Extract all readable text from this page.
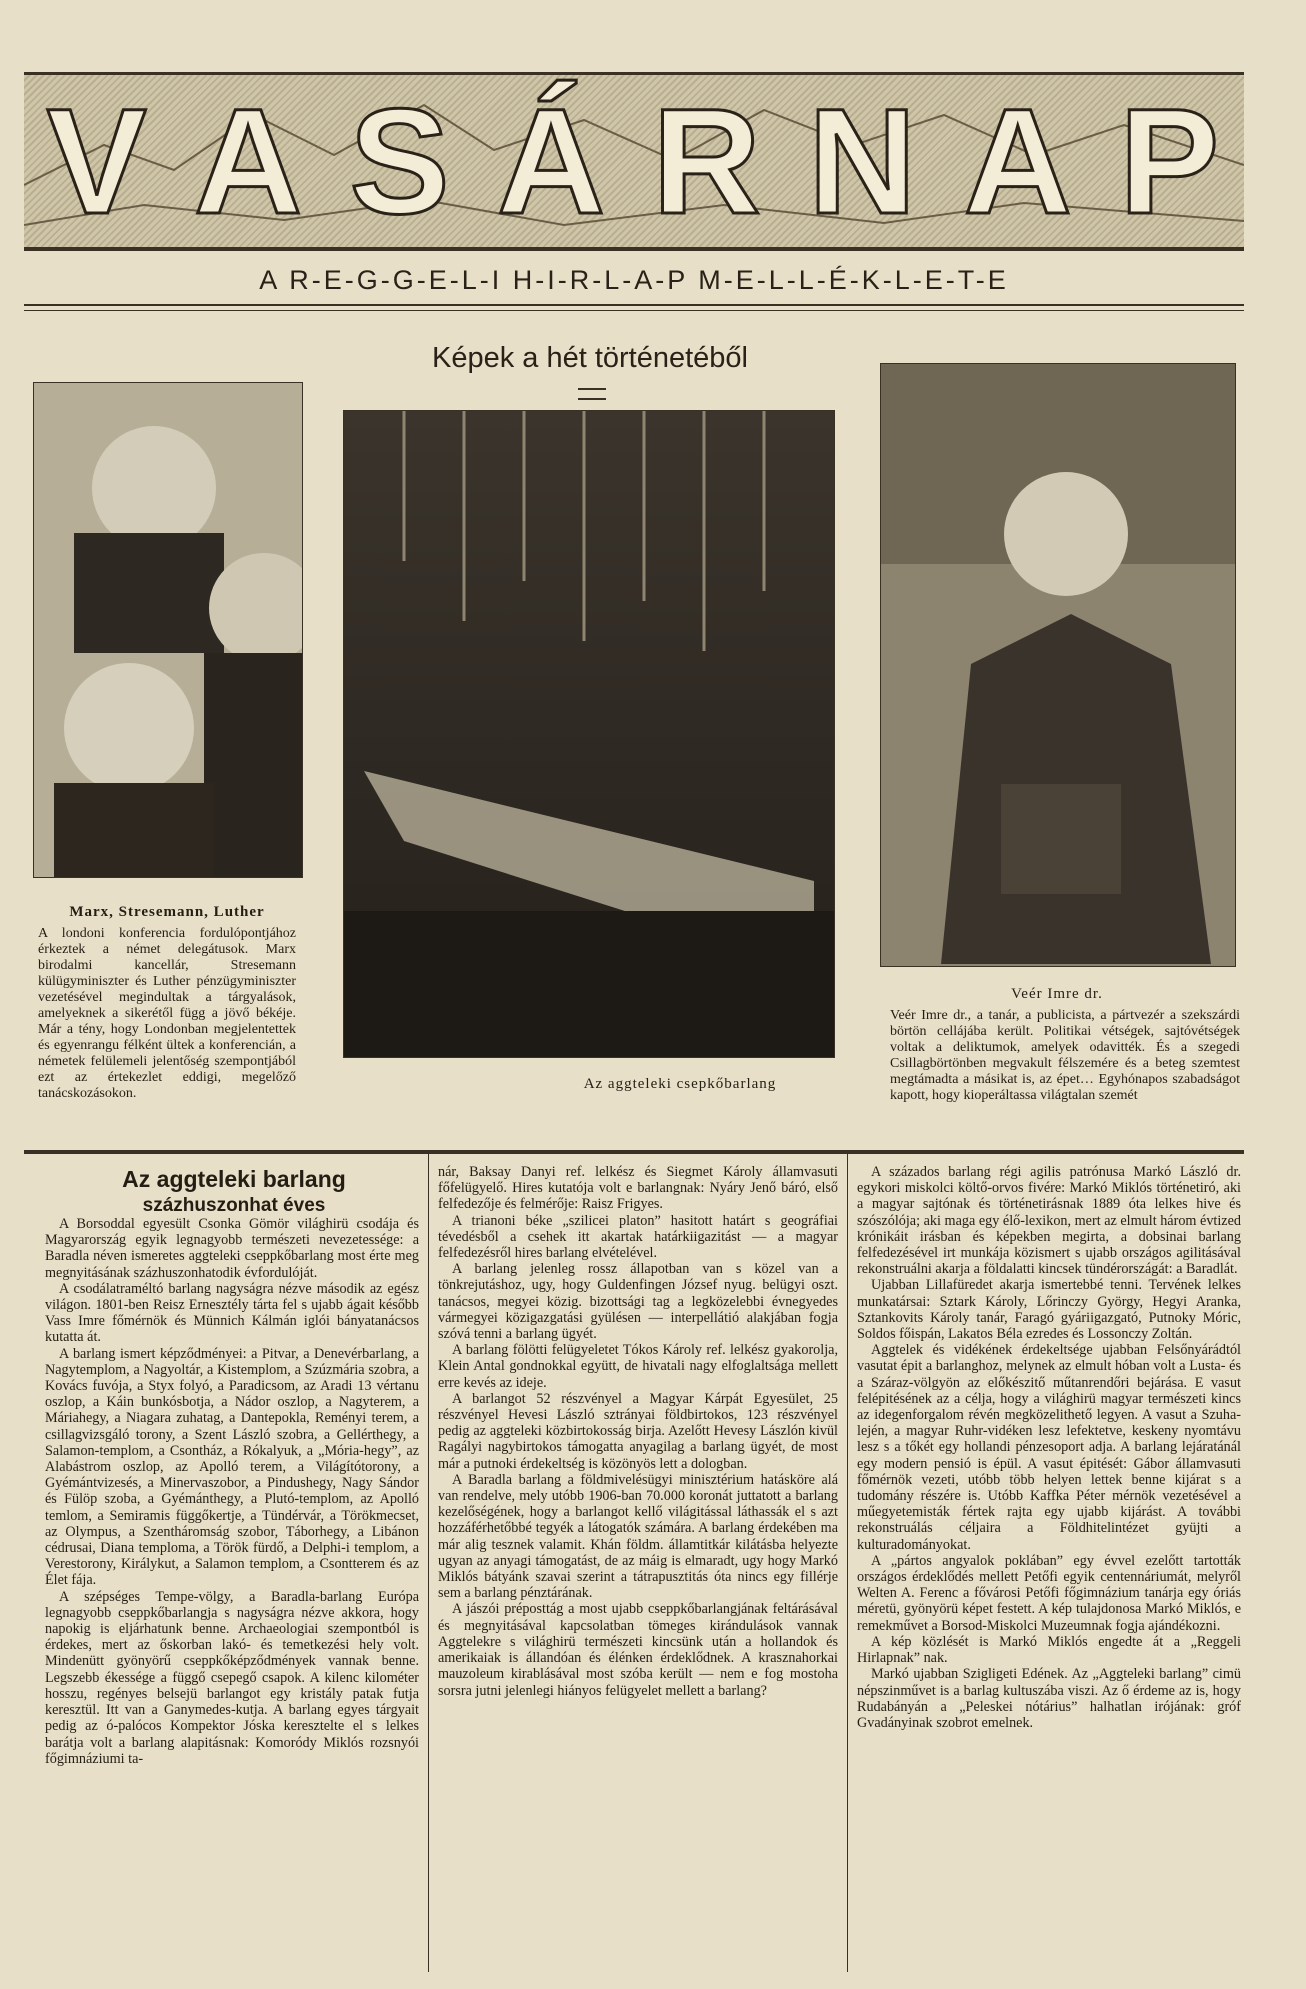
V A S Á R N A P
A R-E-G-G-E-L-I H-I-R-L-A-P M-E-L-L-É-K-L-E-T-E
Képek a hét történetéből
Marx, Stresemann, Luther
A londoni konferencia fordulópontjához érkeztek a német delegátusok. Marx birodalmi kancellár, Stresemann külügyminiszter és Luther pénzügyminiszter vezetésével megindultak a tárgyalások, amelyeknek a sikerétől függ a jövő békéje. Már a tény, hogy Londonban megjelentettek és egyenrangu félként ültek a konferencián, a németek felülemeli jelentőség szempontjából ezt az értekezlet eddigi, megelőző tanácskozásokon.
Az aggteleki csepkőbarlang
Veér Imre dr.
Veér Imre dr., a tanár, a publicista, a pártvezér a szekszárdi börtön cellájába került. Politikai vétségek, sajtóvétségek voltak a deliktumok, amelyek odavitték. És a szegedi Csillagbörtönben megvakult félszemére és a beteg szemtest megtámadta a másikat is, az épet… Egyhónapos szabadságot kapott, hogy kioperáltassa világtalan szemét
Az aggteleki barlang
százhuszonhat éves

A Borsoddal egyesült Csonka Gömör világhirü csodája és Magyarország egyik legnagyobb természeti nevezetessége: a Baradla néven ismeretes aggteleki cseppkőbarlang most érte meg megnyitásának százhuszonhatodik évfordulóját.

A csodálatraméltó barlang nagyságra nézve második az egész világon. 1801-ben Reisz Ernesztély tárta fel s ujabb ágait később Vass Imre főmérnök és Münnich Kálmán iglói bányatanácsos kutatta át.

A barlang ismert képződményei: a Pitvar, a Denevérbarlang, a Nagytemplom, a Nagyoltár, a Kistemplom, a Szúzmária szobra, a Kovács fuvója, a Styx folyó, a Paradicsom, az Aradi 13 vértanu oszlop, a Káin bunkósbotja, a Nádor oszlop, a Nagyterem, a Máriahegy, a Niagara zuhatag, a Dantepokla, Reményi terem, a csillagvizsgáló torony, a Szent László szobra, a Gellérthegy, a Salamon-templom, a Csontház, a Rókalyuk, a „Mória-hegy”, az Alabástrom oszlop, az Apolló terem, a Világítótorony, a Gyémántvizesés, a Minervaszobor, a Pindushegy, Nagy Sándor és Fülöp szoba, a Gyémánthegy, a Plutó-templom, az Apolló temlom, a Semiramis függőkertje, a Tündérvár, a Törökmecset, az Olympus, a Szentháromság szobor, Táborhegy, a Libánon cédrusai, Diana temploma, a Török fürdő, a Delphi-i templom, a Verestorony, Királykut, a Salamon templom, a Csontterem és az Élet fája.

A szépséges Tempe-völgy, a Baradla-barlang Európa legnagyobb cseppkőbarlangja s nagyságra nézve akkora, hogy napokig is eljárhatunk benne. Archaeologiai szempontból is érdekes, mert az őskorban lakó- és temetkezési hely volt. Mindenütt gyönyörű cseppkőképződmények vannak benne. Legszebb ékessége a függő csepegő csapok. A kilenc kilométer hosszu, regényes belsejü barlangot egy kristály patak futja keresztül. Itt van a Ganymedes-kutja. A barlang egyes tárgyait pedig az ó-palócos Kompektor Jóska keresztelte el s lelkes barátja volt a barlang alapitásnak: Komoródy Miklós rozsnyói főgimnáziumi ta-

nár, Baksay Danyi ref. lelkész és Siegmet Károly államvasuti főfelügyelő. Hires kutatója volt e barlangnak: Nyáry Jenő báró, első felfedezője és felmérője: Raisz Frigyes.

A trianoni béke „szilicei platon” hasitott határt s geográfiai tévedésből a csehek itt akartak határkiigazitást — a magyar felfedezésről hires barlang elvételével.

A barlang jelenleg rossz állapotban van s közel van a tönkrejutáshoz, ugy, hogy Guldenfingen József nyug. belügyi oszt. tanácsos, megyei közig. bizottsági tag a legközelebbi évnegyedes vármegyei közigazgatási gyülésen — interpellátió alakjában fogja szóvá tenni a barlang ügyét.

A barlang fölötti felügyeletet Tókos Károly ref. lelkész gyakorolja, Klein Antal gondnokkal együtt, de hivatali nagy elfoglaltsága mellett erre kevés az ideje.

A barlangot 52 részvényel a Magyar Kárpát Egyesület, 25 részvényel Hevesi László sztrányai földbirtokos, 123 részvényel pedig az aggteleki közbirtokosság birja. Azelőtt Hevesy Lászlón kivül Ragályi nagybirtokos támogatta anyagilag a barlang ügyét, de most már a putnoki érdekeltség is közönyös lett a dologban.

A Baradla barlang a földmivelésügyi minisztérium hatásköre alá van rendelve, mely utóbb 1906-ban 70.000 koronát juttatott a barlang kezelőségének, hogy a barlangot kellő világitással láthassák el s azt hozzáférhetőbbé tegyék a látogatók számára. A barlang érdekében ma már alig tesznek valamit. Khán földm. államtitkár kilátásba helyezte ugyan az anyagi támogatást, de az máig is elmaradt, ugy hogy Markó Miklós bátyánk szavai szerint a tátrapusztitás óta nincs egy fillérje sem a barlang pénztárának.

A jászói préposttág a most ujabb cseppkőbarlangjának feltárásával és megnyitásával kapcsolatban tömeges kirándulások vannak Aggtelekre s világhirü természeti kincsünk után a hollandok és amerikaiak is állandóan és élénken érdeklődnek. A krasznahorkai mauzoleum kirablásával most szóba került — nem e fog mostoha sorsra jutni jelenlegi hiányos felügyelet mellett a barlang?

A százados barlang régi agilis patrónusa Markó László dr. egykori miskolci költő-orvos fivére: Markó Miklós történetiró, aki a magyar sajtónak és történetirásnak 1889 óta lelkes hive és szószólója; aki maga egy élő-lexikon, mert az elmult három évtized krónikáit irásban és képekben megirta, a dobsinai barlang felfedezésével irt munkája közismert s ujabb országos agilitásával rekonstruálni akarja a földalatti kincsek tündérországát: a Baradlát.

Ujabban Lillafüredet akarja ismertebbé tenni. Tervének lelkes munkatársai: Sztark Károly, Lőrinczy György, Hegyi Aranka, Sztankovits Károly tanár, Faragó gyáriigazgató, Putnoky Móric, Soldos főispán, Lakatos Béla ezredes és Lossonczy Zoltán.

Aggtelek és vidékének érdekeltsége ujabban Felsőnyárádtól vasutat épit a barlanghoz, melynek az elmult hóban volt a Lusta- és a Száraz-völgyön az előkészitő műtanrendőri bejárása. E vasut felépitésének az a célja, hogy a világhirü magyar természeti kincs az idegenforgalom révén megközelithető legyen. A vasut a Szuha-lején, a magyar Ruhr-vidéken lesz lefektetve, keskeny nyomtávu lesz s a tőkét egy hollandi pénzesoport adja. A barlang lejáratánál egy modern pensió is épül. A vasut épitését: Gábor államvasuti főmérnök vezeti, utóbb több helyen lettek benne kijárat s a tudomány részére is. Utóbb Kaffka Péter mérnök vezetésével a műegyetemisták fértek rajta egy ujabb kijárást. A további rekonstruálás céljaira a Földhitelintézet gyüjti a kulturadományokat.

A „pártos angyalok poklában” egy évvel ezelőtt tartották országos érdeklődés mellett Petőfi egyik centennáriumát, melyről Welten A. Ferenc a fővárosi Petőfi főgimnázium tanárja egy óriás méretü, gyönyörü képet festett. A kép tulajdonosa Markó Miklós, e remekművet a Borsod-Miskolci Muzeumnak fogja ajándékozni.

A kép közlését is Markó Miklós engedte át a „Reggeli Hirlapnak” nak.

Markó ujabban Szigligeti Edének. Az „Aggteleki barlang” cimü népszinművet is a barlag kultuszába viszi. Az ő érdeme az is, hogy Rudabányán a „Peleskei nótárius” halhatlan irójának: gróf Gvadányinak szobrot emelnek.
